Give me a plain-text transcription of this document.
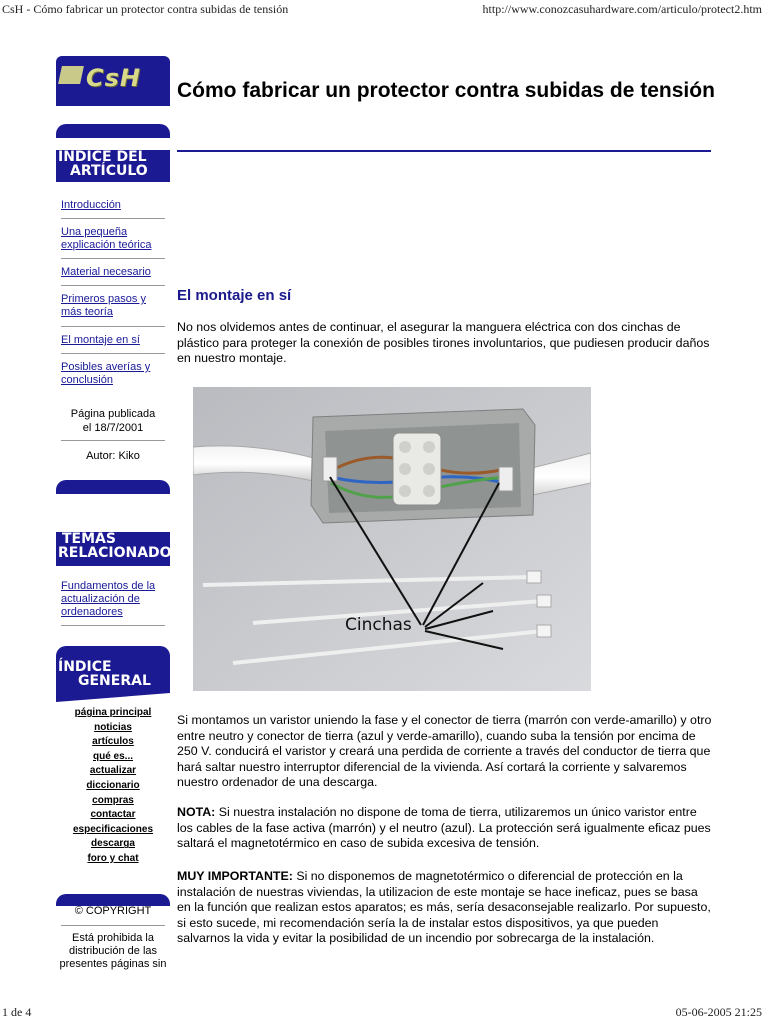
CsH - Cómo fabricar un protector contra subidas de tensión	http://www.conozcasuhardware.com/articulo/protect2.htm
1 de 4	05-06-2005 21:25
CsH
ÍNDICE DEL
ARTÍCULO
Introducción
Una pequeña explicación teórica
Material necesario
Primeros pasos y más teoría
El montaje en sí
Posibles averías y conclusión
Página publicada
el 18/7/2001
Autor: Kiko
TEMAS
RELACIONADOS
Fundamentos de la actualización de ordenadores
ÍNDICE
GENERAL
página principal
noticias
artículos
qué es...
actualizar
diccionario
compras
contactar
especificaciones
descarga
foro y chat
© COPYRIGHT
Está prohibida la distribución de las presentes páginas sin
Cómo fabricar un protector contra subidas de tensión
El montaje en sí

No nos olvidemos antes de continuar, el asegurar la manguera eléctrica con dos cinchas de plástico para proteger la conexión de posibles tirones involuntarios, que pudiesen producir daños en nuestro montaje.

Cinchas

Si montamos un varistor uniendo la fase y el conector de tierra (marrón con verde-amarillo) y otro entre neutro y conector de tierra (azul y verde-amarillo), cuando suba la tensión por encima de 250 V. conducirá el varistor y creará una perdida de corriente a través del conductor de tierra que hará saltar nuestro interruptor diferencial de la vivienda. Así cortará la corriente y salvaremos nuestro ordenador de una descarga.

NOTA: Si nuestra instalación no dispone de toma de tierra, utilizaremos un único varistor entre los cables de la fase activa (marrón) y el neutro (azul). La protección será igualmente eficaz pues saltará el magnetotérmico en caso de subida excesiva de tensión.

MUY IMPORTANTE: Si no disponemos de magnetotérmico o diferencial de protección en la instalación de nuestras viviendas, la utilizacion de este montaje se hace ineficaz, pues se basa en la función que realizan estos aparatos; es más, sería desaconsejable realizarlo. Por supuesto, si esto sucede, mi recomendación sería la de instalar estos dispositivos, ya que pueden salvarnos la vida y evitar la posibilidad de un incendio por sobrecarga de la instalación.
